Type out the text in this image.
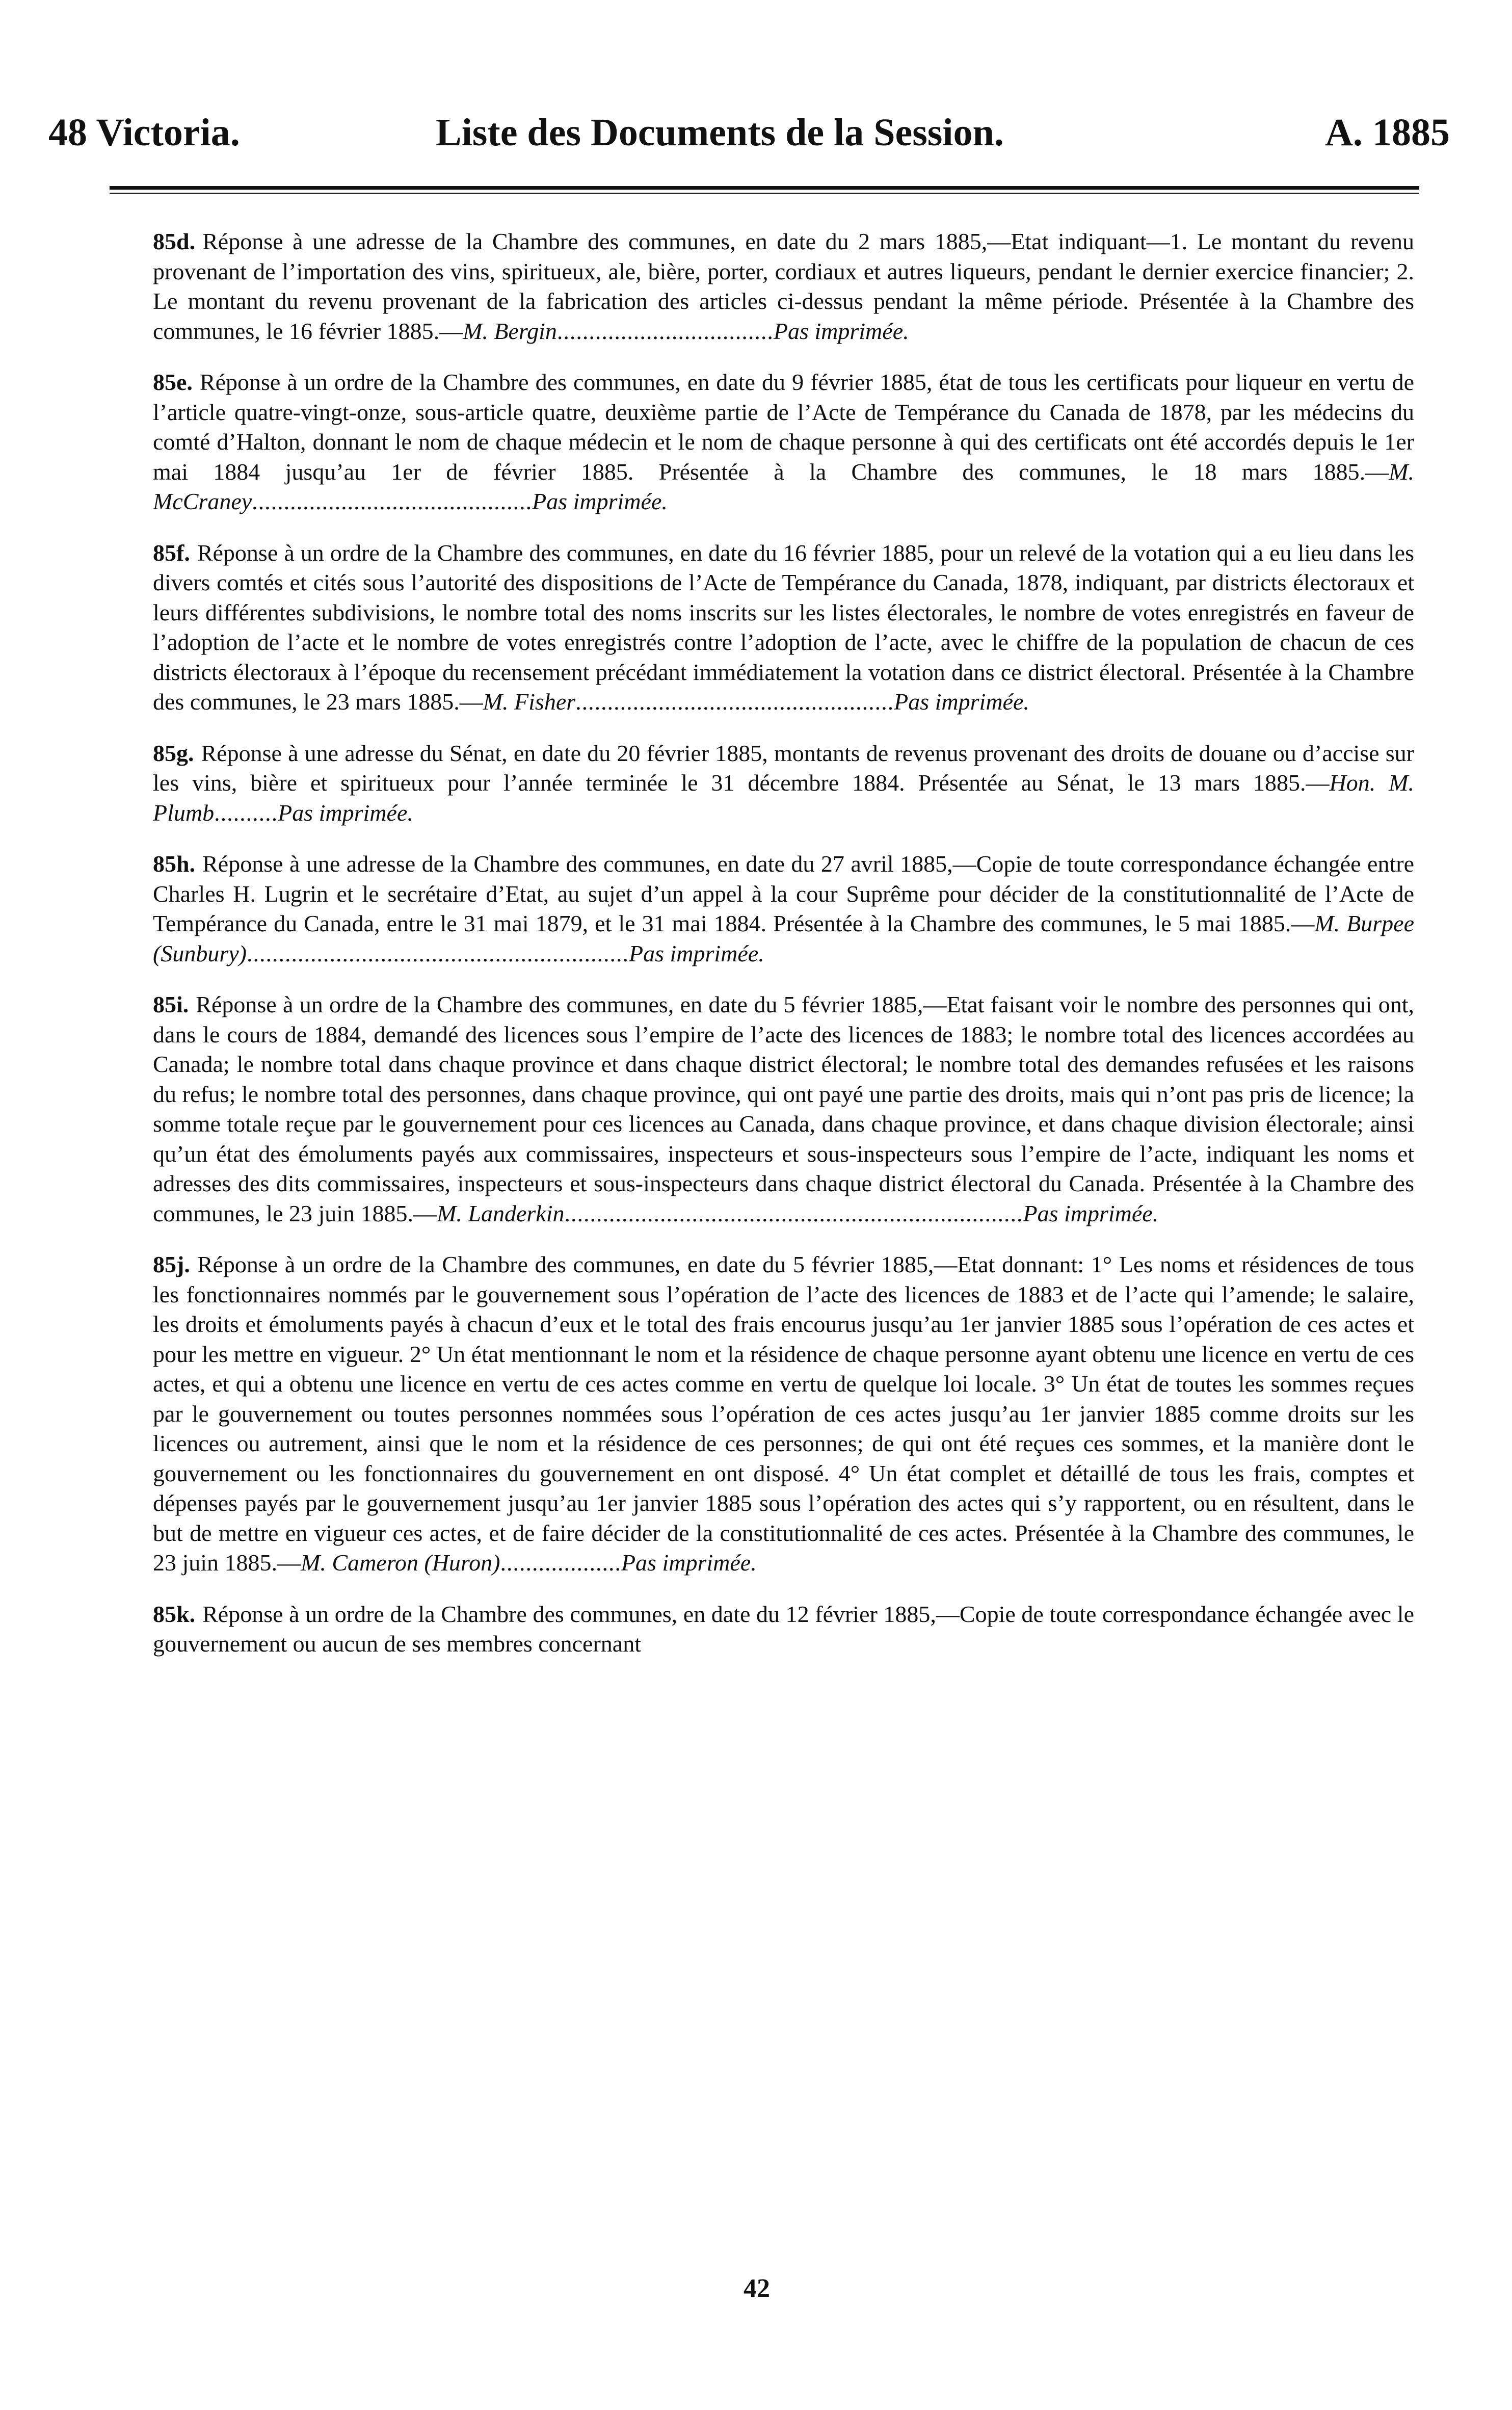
48 Victoria.	Liste des Documents de la Session.	A. 1885

85d. Réponse à une adresse de la Chambre des communes, en date du 2 mars 1885,—Etat indiquant—1. Le montant du revenu provenant de l’importation des vins, spiritueux, ale, bière, porter, cordiaux et autres liqueurs, pendant le dernier exercice financier; 2. Le montant du revenu provenant de la fabrication des articles ci-dessus pendant la même période. Présentée à la Chambre des communes, le 16 février 1885.—M. Bergin..................................Pas imprimée.

85e. Réponse à un ordre de la Chambre des communes, en date du 9 février 1885, état de tous les certificats pour liqueur en vertu de l’article quatre-vingt-onze, sous-article quatre, deuxième partie de l’Acte de Tempérance du Canada de 1878, par les médecins du comté d’Halton, donnant le nom de chaque médecin et le nom de chaque personne à qui des certificats ont été accordés depuis le 1er mai 1884 jusqu’au 1er de février 1885. Présentée à la Chambre des communes, le 18 mars 1885.—M. McCraney............................................Pas imprimée.

85f. Réponse à un ordre de la Chambre des communes, en date du 16 février 1885, pour un relevé de la votation qui a eu lieu dans les divers comtés et cités sous l’autorité des dispositions de l’Acte de Tempérance du Canada, 1878, indiquant, par districts électoraux et leurs différentes subdivisions, le nombre total des noms inscrits sur les listes électorales, le nombre de votes enregistrés en faveur de l’adoption de l’acte et le nombre de votes enregistrés contre l’adoption de l’acte, avec le chiffre de la population de chacun de ces districts électoraux à l’époque du recensement précédant immédiatement la votation dans ce district électoral. Présentée à la Chambre des communes, le 23 mars 1885.—M. Fisher..................................................Pas imprimée.

85g. Réponse à une adresse du Sénat, en date du 20 février 1885, montants de revenus provenant des droits de douane ou d’accise sur les vins, bière et spiritueux pour l’année terminée le 31 décembre 1884. Présentée au Sénat, le 13 mars 1885.—Hon. M. Plumb..........Pas imprimée.

85h. Réponse à une adresse de la Chambre des communes, en date du 27 avril 1885,—Copie de toute correspondance échangée entre Charles H. Lugrin et le secrétaire d’Etat, au sujet d’un appel à la cour Suprême pour décider de la constitutionnalité de l’Acte de Tempérance du Canada, entre le 31 mai 1879, et le 31 mai 1884. Présentée à la Chambre des communes, le 5 mai 1885.—M. Burpee (Sunbury)............................................................Pas imprimée.

85i. Réponse à un ordre de la Chambre des communes, en date du 5 février 1885,—Etat faisant voir le nombre des personnes qui ont, dans le cours de 1884, demandé des licences sous l’empire de l’acte des licences de 1883; le nombre total des licences accordées au Canada; le nombre total dans chaque province et dans chaque district électoral; le nombre total des demandes refusées et les raisons du refus; le nombre total des personnes, dans chaque province, qui ont payé une partie des droits, mais qui n’ont pas pris de licence; la somme totale reçue par le gouvernement pour ces licences au Canada, dans chaque province, et dans chaque division électorale; ainsi qu’un état des émoluments payés aux commissaires, inspecteurs et sous-inspecteurs sous l’empire de l’acte, indiquant les noms et adresses des dits commissaires, inspecteurs et sous-inspecteurs dans chaque district électoral du Canada. Présentée à la Chambre des communes, le 23 juin 1885.—M. Landerkin........................................................................Pas imprimée.

85j. Réponse à un ordre de la Chambre des communes, en date du 5 février 1885,—Etat donnant: 1° Les noms et résidences de tous les fonctionnaires nommés par le gouvernement sous l’opération de l’acte des licences de 1883 et de l’acte qui l’amende; le salaire, les droits et émoluments payés à chacun d’eux et le total des frais encourus jusqu’au 1er janvier 1885 sous l’opération de ces actes et pour les mettre en vigueur. 2° Un état mentionnant le nom et la résidence de chaque personne ayant obtenu une licence en vertu de ces actes, et qui a obtenu une licence en vertu de ces actes comme en vertu de quelque loi locale. 3° Un état de toutes les sommes reçues par le gouvernement ou toutes personnes nommées sous l’opération de ces actes jusqu’au 1er janvier 1885 comme droits sur les licences ou autrement, ainsi que le nom et la résidence de ces personnes; de qui ont été reçues ces sommes, et la manière dont le gouvernement ou les fonctionnaires du gouvernement en ont disposé. 4° Un état complet et détaillé de tous les frais, comptes et dépenses payés par le gouvernement jusqu’au 1er janvier 1885 sous l’opération des actes qui s’y rapportent, ou en résultent, dans le but de mettre en vigueur ces actes, et de faire décider de la constitutionnalité de ces actes. Présentée à la Chambre des communes, le 23 juin 1885.—M. Cameron (Huron)...................Pas imprimée.

85k. Réponse à un ordre de la Chambre des communes, en date du 12 février 1885,—Copie de toute correspondance échangée avec le gouvernement ou aucun de ses membres concernant

42
